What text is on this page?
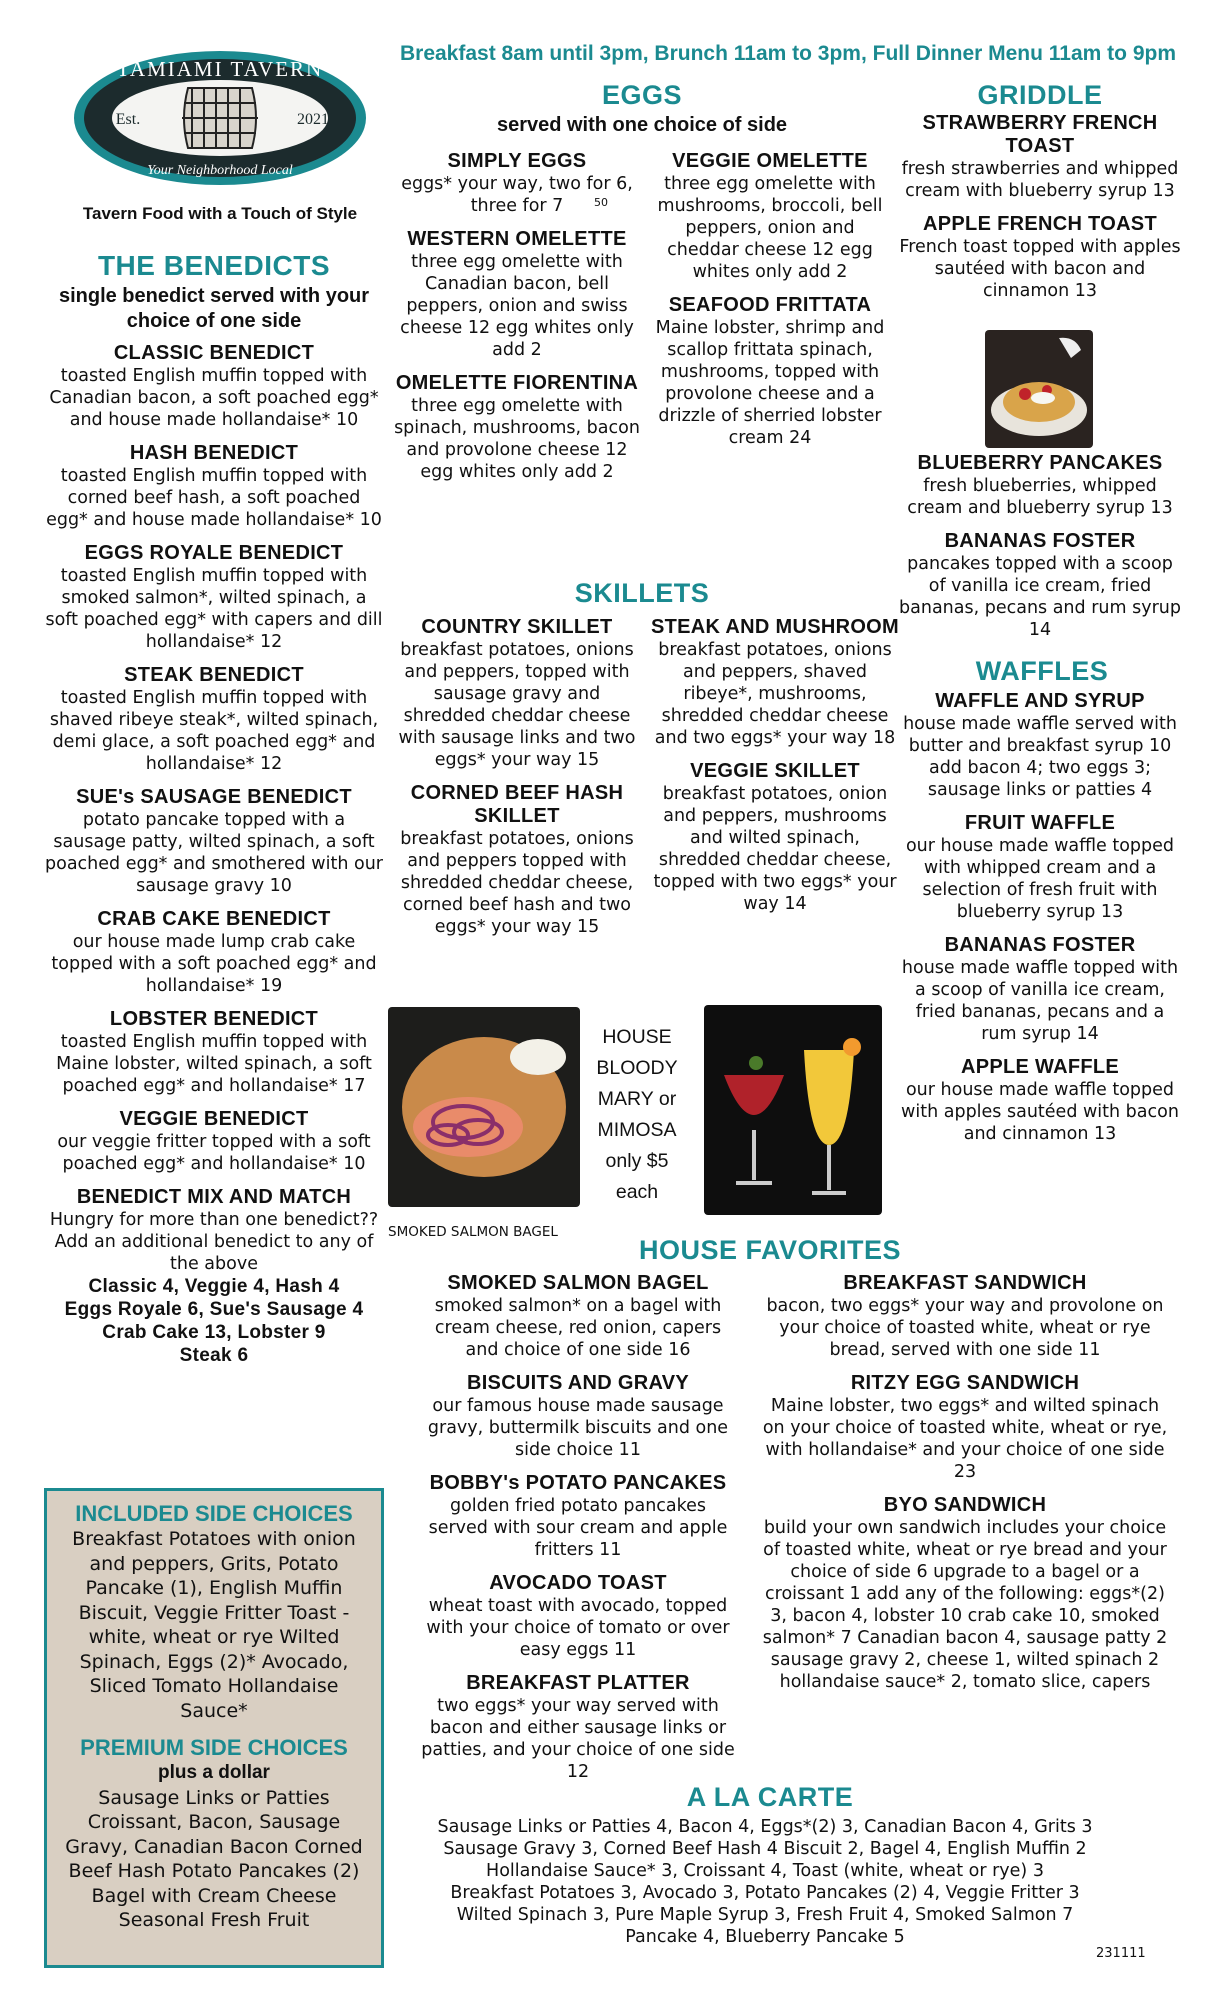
Breakfast 8am until 3pm, Brunch 11am to 3pm, Full Dinner Menu 11am to 9pm
TAMIAMI TAVERN
Est.	2021
Your Neighborhood Local
Tavern Food with a Touch of Style
THE BENEDICTS
single benedict served with your choice of one side
CLASSIC BENEDICT
toasted English muffin topped with Canadian bacon, a soft poached egg* and house made hollandaise* 10
HASH BENEDICT
toasted English muffin topped with corned beef hash, a soft poached egg* and house made hollandaise* 10
EGGS ROYALE BENEDICT
toasted English muffin topped with smoked salmon*, wilted spinach, a soft poached egg* with capers and dill hollandaise* 12
STEAK BENEDICT
toasted English muffin topped with shaved ribeye steak*, wilted spinach, demi glace, a soft poached egg* and hollandaise* 12
SUE's SAUSAGE BENEDICT
potato pancake topped with a sausage patty, wilted spinach, a soft poached egg* and smothered with our sausage gravy 10
CRAB CAKE BENEDICT
our house made lump crab cake topped with a soft poached egg* and hollandaise* 19
LOBSTER BENEDICT
toasted English muffin topped with Maine lobster, wilted spinach, a soft poached egg* and hollandaise* 17
VEGGIE BENEDICT
our veggie fritter topped with a soft poached egg* and hollandaise* 10
BENEDICT MIX AND MATCH
Hungry for more than one benedict?? Add an additional benedict to any of the above
Classic 4, Veggie 4, Hash 4
Eggs Royale 6, Sue's Sausage 4
Crab Cake 13, Lobster 9
Steak 6
INCLUDED SIDE CHOICES
Breakfast Potatoes with onion and peppers, Grits, Potato Pancake (1), English Muffin Biscuit, Veggie Fritter Toast - white, wheat or rye Wilted Spinach, Eggs (2)* Avocado, Sliced Tomato Hollandaise Sauce*
PREMIUM SIDE CHOICES
plus a dollar
Sausage Links or Patties Croissant, Bacon, Sausage Gravy, Canadian Bacon Corned Beef Hash Potato Pancakes (2) Bagel with Cream Cheese Seasonal Fresh Fruit
EGGS
served with one choice of side
SIMPLY EGGS
eggs* your way, two for 6, three for 7	50
WESTERN OMELETTE
three egg omelette with Canadian bacon, bell peppers, onion and swiss cheese 12 egg whites only add 2
OMELETTE FIORENTINA
three egg omelette with spinach, mushrooms, bacon and provolone cheese 12 egg whites only add 2
VEGGIE OMELETTE
three egg omelette with mushrooms, broccoli, bell peppers, onion and cheddar cheese 12 egg whites only add 2
SEAFOOD FRITTATA
Maine lobster, shrimp and scallop frittata spinach, mushrooms, topped with provolone cheese and a drizzle of sherried lobster cream 24
SKILLETS
COUNTRY SKILLET
breakfast potatoes, onions and peppers, topped with sausage gravy and shredded cheddar cheese with sausage links and two eggs* your way 15
CORNED BEEF HASH SKILLET
breakfast potatoes, onions and peppers topped with shredded cheddar cheese, corned beef hash and two eggs* your way 15
STEAK AND MUSHROOM
breakfast potatoes, onions and peppers, shaved ribeye*, mushrooms, shredded cheddar cheese and two eggs* your way 18
VEGGIE SKILLET
breakfast potatoes, onion and peppers, mushrooms and wilted spinach, shredded cheddar cheese, topped with two eggs* your way 14
SMOKED SALMON BAGEL
HOUSE
BLOODY
MARY or
MIMOSA
only $5
each
GRIDDLE
STRAWBERRY FRENCH TOAST
fresh strawberries and whipped cream with blueberry syrup 13
APPLE FRENCH TOAST
French toast topped with apples sautéed with bacon and cinnamon 13
BLUEBERRY PANCAKES
fresh blueberries, whipped cream and blueberry syrup 13
BANANAS FOSTER
pancakes topped with a scoop of vanilla ice cream, fried bananas, pecans and rum syrup 14
WAFFLES
WAFFLE AND SYRUP
house made waffle served with butter and breakfast syrup 10 add bacon 4; two eggs 3; sausage links or patties 4
FRUIT WAFFLE
our house made waffle topped with whipped cream and a selection of fresh fruit with blueberry syrup 13
BANANAS FOSTER
house made waffle topped with a scoop of vanilla ice cream, fried bananas, pecans and a rum syrup 14
APPLE WAFFLE
our house made waffle topped with apples sautéed with bacon and cinnamon 13
HOUSE FAVORITES
SMOKED SALMON BAGEL
smoked salmon* on a bagel with cream cheese, red onion, capers and choice of one side 16
BISCUITS AND GRAVY
our famous house made sausage gravy, buttermilk biscuits and one side choice 11
BOBBY's POTATO PANCAKES
golden fried potato pancakes served with sour cream and apple fritters 11
AVOCADO TOAST
wheat toast with avocado, topped with your choice of tomato or over easy eggs 11
BREAKFAST PLATTER
two eggs* your way served with bacon and either sausage links or patties, and your choice of one side 12
BREAKFAST SANDWICH
bacon, two eggs* your way and provolone on your choice of toasted white, wheat or rye bread, served with one side 11
RITZY EGG SANDWICH
Maine lobster, two eggs* and wilted spinach on your choice of toasted white, wheat or rye, with hollandaise* and your choice of one side 23
BYO SANDWICH
build your own sandwich includes your choice of toasted white, wheat or rye bread and your choice of side 6 upgrade to a bagel or a croissant 1 add any of the following: eggs*(2) 3, bacon 4, lobster 10 crab cake 10, smoked salmon* 7 Canadian bacon 4, sausage patty 2 sausage gravy 2, cheese 1, wilted spinach 2 hollandaise sauce* 2, tomato slice, capers
A LA CARTE
Sausage Links or Patties 4, Bacon 4, Eggs*(2) 3, Canadian Bacon 4, Grits 3
Sausage Gravy 3, Corned Beef Hash 4 Biscuit 2, Bagel 4, English Muffin 2
Hollandaise Sauce* 3, Croissant 4, Toast (white, wheat or rye) 3
Breakfast Potatoes 3, Avocado 3, Potato Pancakes (2) 4, Veggie Fritter 3
Wilted Spinach 3, Pure Maple Syrup 3, Fresh Fruit 4, Smoked Salmon 7
Pancake 4, Blueberry Pancake 5
231111
